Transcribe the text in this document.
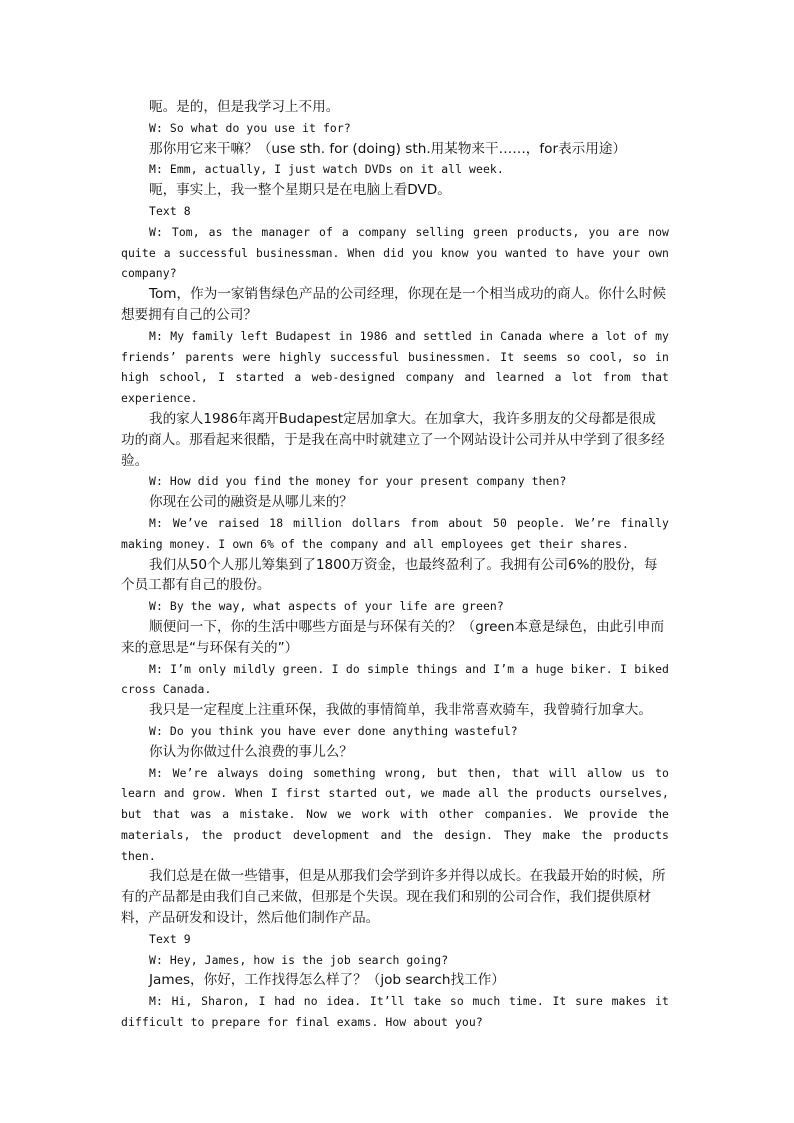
呃。是的，但是我学习上不用。

W: So what do you use it for?

那你用它来干嘛？（use sth. for (doing) sth.用某物来干……，for表示用途）

M: Emm, actually, I just watch DVDs on it all week.

呃，事实上，我一整个星期只是在电脑上看DVD。

Text 8

W: Tom, as the manager of a company selling green products, you are now quite a successful businessman. When did you know you wanted to have your own company?

Tom，作为一家销售绿色产品的公司经理，你现在是一个相当成功的商人。你什么时候想要拥有自己的公司？

M: My family left Budapest in 1986 and settled in Canada where a lot of my friends’ parents were highly successful businessmen. It seems so cool, so in high school, I started a web-designed company and learned a lot from that experience.

我的家人1986年离开Budapest定居加拿大。在加拿大，我许多朋友的父母都是很成功的商人。那看起来很酷，于是我在高中时就建立了一个网站设计公司并从中学到了很多经验。

W: How did you find the money for your present company then?

你现在公司的融资是从哪儿来的？

M: We’ve raised 18 million dollars from about 50 people. We’re finally making money. I own 6% of the company and all employees get their shares.

我们从50个人那儿筹集到了1800万资金，也最终盈利了。我拥有公司6%的股份，每个员工都有自己的股份。

W: By the way, what aspects of your life are green?

顺便问一下，你的生活中哪些方面是与环保有关的？（green本意是绿色，由此引申而来的意思是“与环保有关的”）

M: I’m only mildly green. I do simple things and I’m a huge biker. I biked cross Canada.

我只是一定程度上注重环保，我做的事情简单，我非常喜欢骑车，我曾骑行加拿大。

W: Do you think you have ever done anything wasteful?

你认为你做过什么浪费的事儿么？

M: We’re always doing something wrong, but then, that will allow us to learn and grow. When I first started out, we made all the products ourselves, but that was a mistake. Now we work with other companies. We provide the materials, the product development and the design. They make the products then.

我们总是在做一些错事，但是从那我们会学到许多并得以成长。在我最开始的时候，所有的产品都是由我们自己来做，但那是个失误。现在我们和别的公司合作，我们提供原材料，产品研发和设计，然后他们制作产品。

Text 9

W: Hey, James, how is the job search going?

James，你好，工作找得怎么样了？（job search找工作）

M: Hi, Sharon, I had no idea. It’ll take so much time. It sure makes it difficult to prepare for final exams. How about you?
